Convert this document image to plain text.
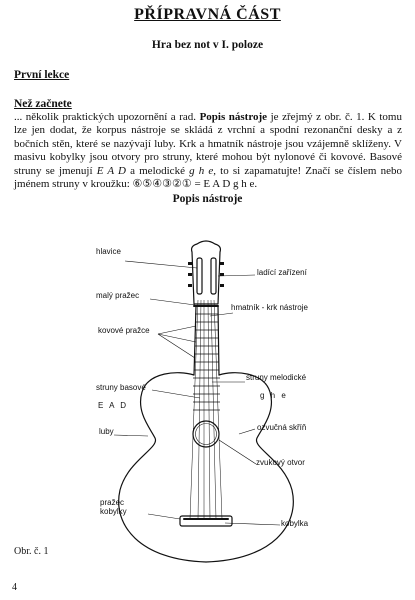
PŘÍPRAVNÁ ČÁST
Hra bez not v I. poloze
První lekce
Než začnete
... několik praktických upozornění a rad. Popis nástroje je zřejmý z obr. č. 1. K tomu lze jen dodat, že korpus nástroje se skládá z vrchní a spodní rezonanční desky a z bočních stěn, které se nazývají luby. Krk a hmatník nástroje jsou vzájemně sklíženy. V masivu kobylky jsou otvory pro struny, které mohou být nylonové či kovové. Basové struny se jmenují E A D a melodické g h e, to si zapamatujte! Značí se číslem nebo jménem struny v kroužku: ⑥⑤④③②① = E A D g h e.
Popis nástroje
hlavice
ladící zařízení
malý pražec
hmatník - krk nástroje
kovové pražce
struny melodické
g h e
struny basové
E A D
luby	ozvučná skříň
zvukový otvor
pražec
kobylky
kobylka
Obr. č. 1
4
